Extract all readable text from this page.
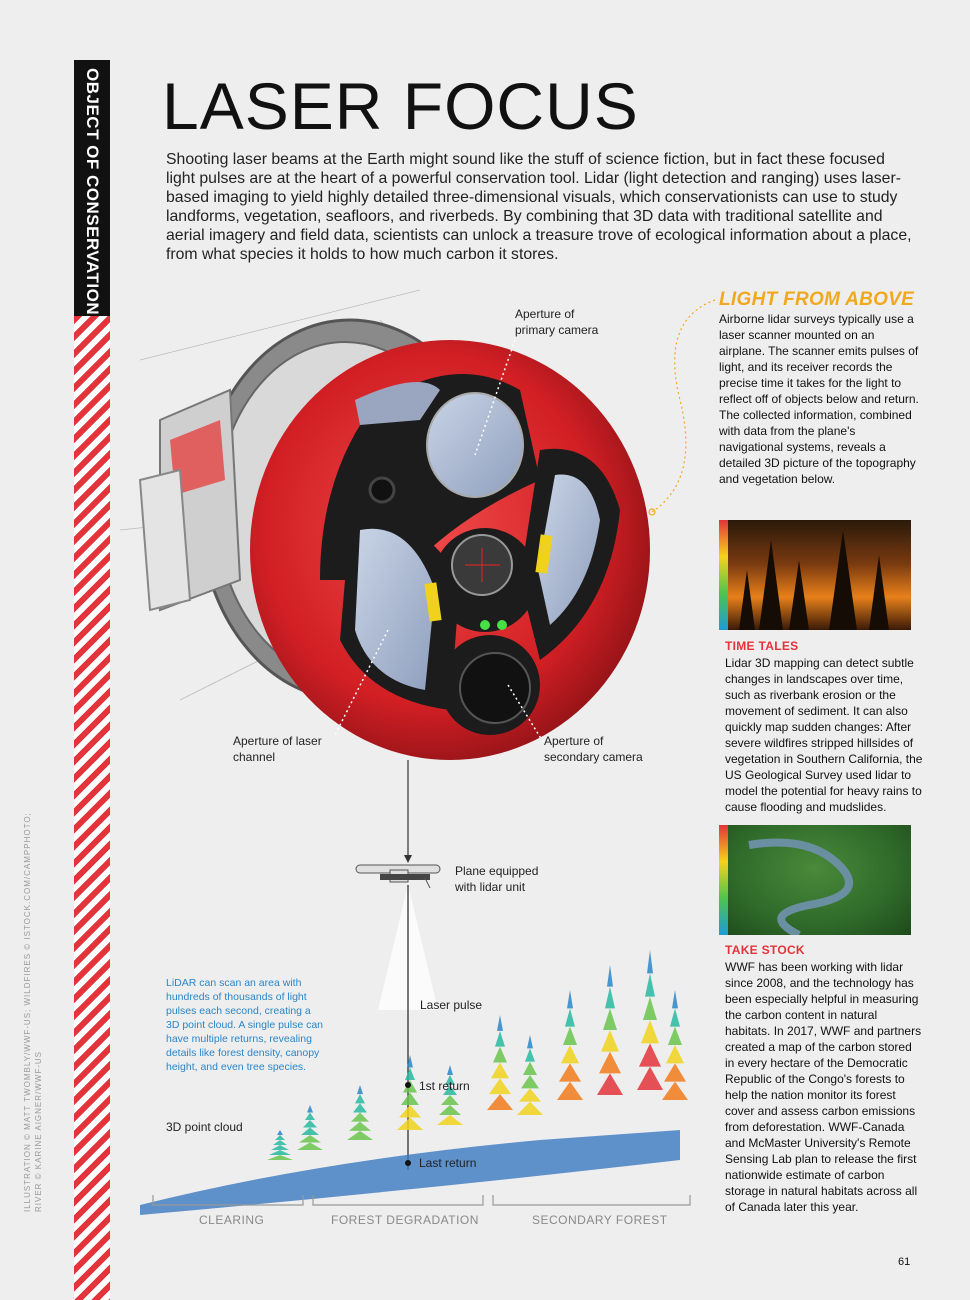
OBJECT OF CONSERVATION
ILLUSTRATION © MATT TWOMBLY/WWF-US; WILDFIRES © ISTOCK.COM/CAMPPHOTO; RIVER © KARINE AIGNER/WWF-US
LASER FOCUS
Shooting laser beams at the Earth might sound like the stuff of science fiction, but in fact these focused light pulses are at the heart of a powerful conservation tool. Lidar (light detection and ranging) uses laser-based imaging to yield highly detailed three-dimensional visuals, which conservationists can use to study landforms, vegetation, seafloors, and riverbeds. By combining that 3D data with traditional satellite and aerial imagery and field data, scientists can unlock a treasure trove of ecological information about a place, from what species it holds to how much carbon it stores.
Aperture of primary camera
Aperture of laser channel
Aperture of secondary camera
Plane equipped with lidar unit
Laser pulse
1st return
Last return
3D point cloud
LiDAR can scan an area with hundreds of thousands of light pulses each second, creating a 3D point cloud. A single pulse can have multiple returns, revealing details like forest density, canopy height, and even tree species.
CLEARING	FOREST DEGRADATION	SECONDARY FOREST
LIGHT FROM ABOVE
Airborne lidar surveys typically use a laser scanner mounted on an airplane. The scanner emits pulses of light, and its receiver records the precise time it takes for the light to reflect off of objects below and return. The collected information, combined with data from the plane's navigational systems, reveals a detailed 3D picture of the topography and vegetation below.
TIME TALES
Lidar 3D mapping can detect subtle changes in landscapes over time, such as riverbank erosion or the movement of sediment. It can also quickly map sudden changes: After severe wildfires stripped hillsides of vegetation in Southern California, the US Geological Survey used lidar to model the potential for heavy rains to cause flooding and mudslides.
TAKE STOCK
WWF has been working with lidar since 2008, and the technology has been especially helpful in measuring the carbon content in natural habitats. In 2017, WWF and partners created a map of the carbon stored in every hectare of the Democratic Republic of the Congo's forests to help the nation monitor its forest cover and assess carbon emissions from deforestation. WWF-Canada and McMaster University's Remote Sensing Lab plan to release the first nationwide estimate of carbon storage in natural habitats across all of Canada later this year.
61
